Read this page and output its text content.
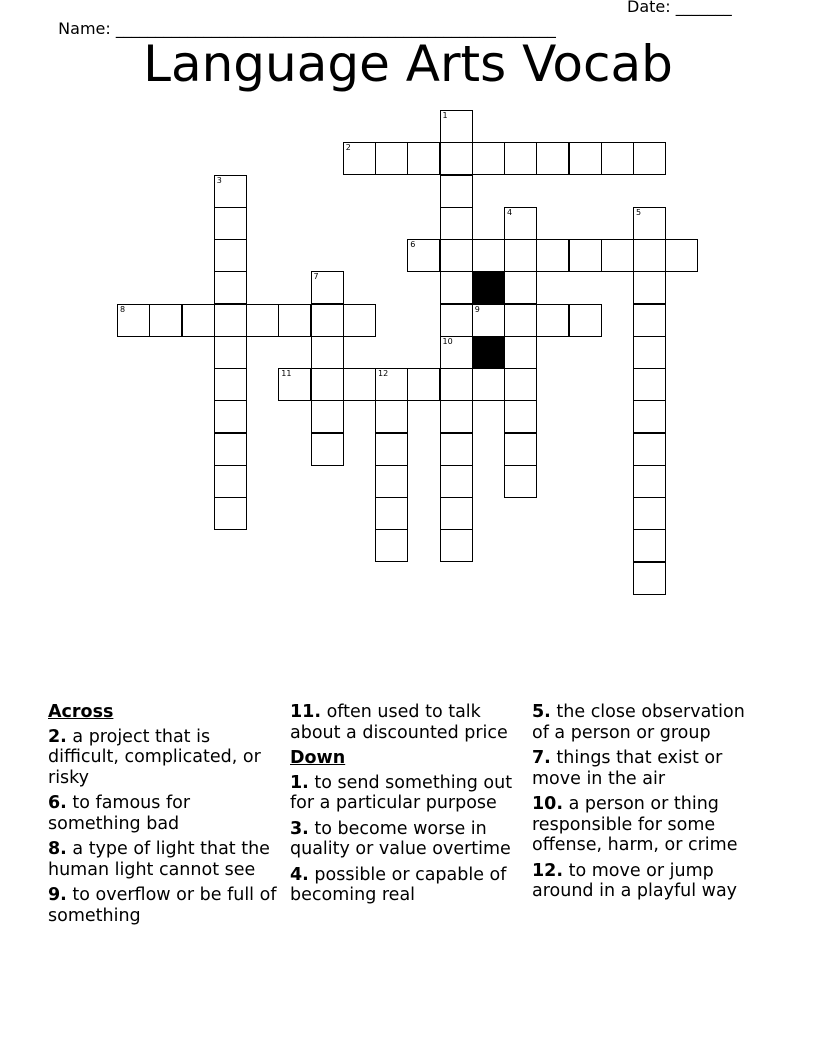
Name: _______________________________________________________

Date: _______

Language Arts Vocab
2
6
8	9
11	12
1
10
3
4	5
7
Across
2. a project that is difficult, complicated, or risky
6. to famous for something bad
8. a type of light that the human light cannot see
9. to overflow or be full of something
11. often used to talk about a discounted price
Down
1. to send something out for a particular purpose
3. to become worse in quality or value overtime
4. possible or capable of becoming real
5. the close observation of a person or group
7. things that exist or move in the air
10. a person or thing responsible for some offense, harm, or crime
12. to move or jump around in a playful way
